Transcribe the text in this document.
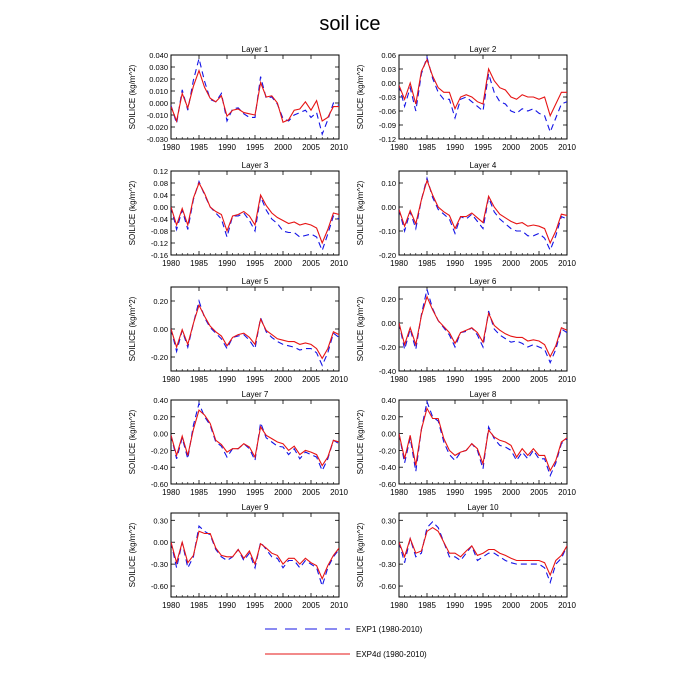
soil ice
Layer 1
SOILICE (kg/m^2)
1980 1985 1990 1995 2000 2005 2010
-0.030
-0.020
-0.010
0.000
0.010
0.020
0.030
0.040
Layer 2
SOILICE (kg/m^2)
1980 1985 1990 1995 2000 2005 2010
-0.12
-0.09
-0.06
-0.03
0.00
0.03
0.06
Layer 3
SOILICE (kg/m^2)
1980 1985 1990 1995 2000 2005 2010
-0.16
-0.12
-0.08
-0.04
0.00
0.04
0.08
0.12
Layer 4
SOILICE (kg/m^2)
1980 1985 1990 1995 2000 2005 2010
-0.20
-0.10
0.00
0.10
Layer 5
SOILICE (kg/m^2)
1980 1985 1990 1995 2000 2005 2010
-0.20
0.00
0.20
Layer 6
SOILICE (kg/m^2)
1980 1985 1990 1995 2000 2005 2010
-0.40
-0.20
0.00
0.20
Layer 7
SOILICE (kg/m^2)
1980 1985 1990 1995 2000 2005 2010
-0.60
-0.40
-0.20
0.00
0.20
0.40
Layer 8
SOILICE (kg/m^2)
1980 1985 1990 1995 2000 2005 2010
-0.60
-0.40
-0.20
0.00
0.20
0.40
Layer 9
SOILICE (kg/m^2)
1980 1985 1990 1995 2000 2005 2010
-0.60
-0.30
0.00
0.30
Layer 10
SOILICE (kg/m^2)
1980 1985 1990 1995 2000 2005 2010
-0.60
-0.30
0.00
0.30
EXP1 (1980-2010)
EXP4d (1980-2010)
